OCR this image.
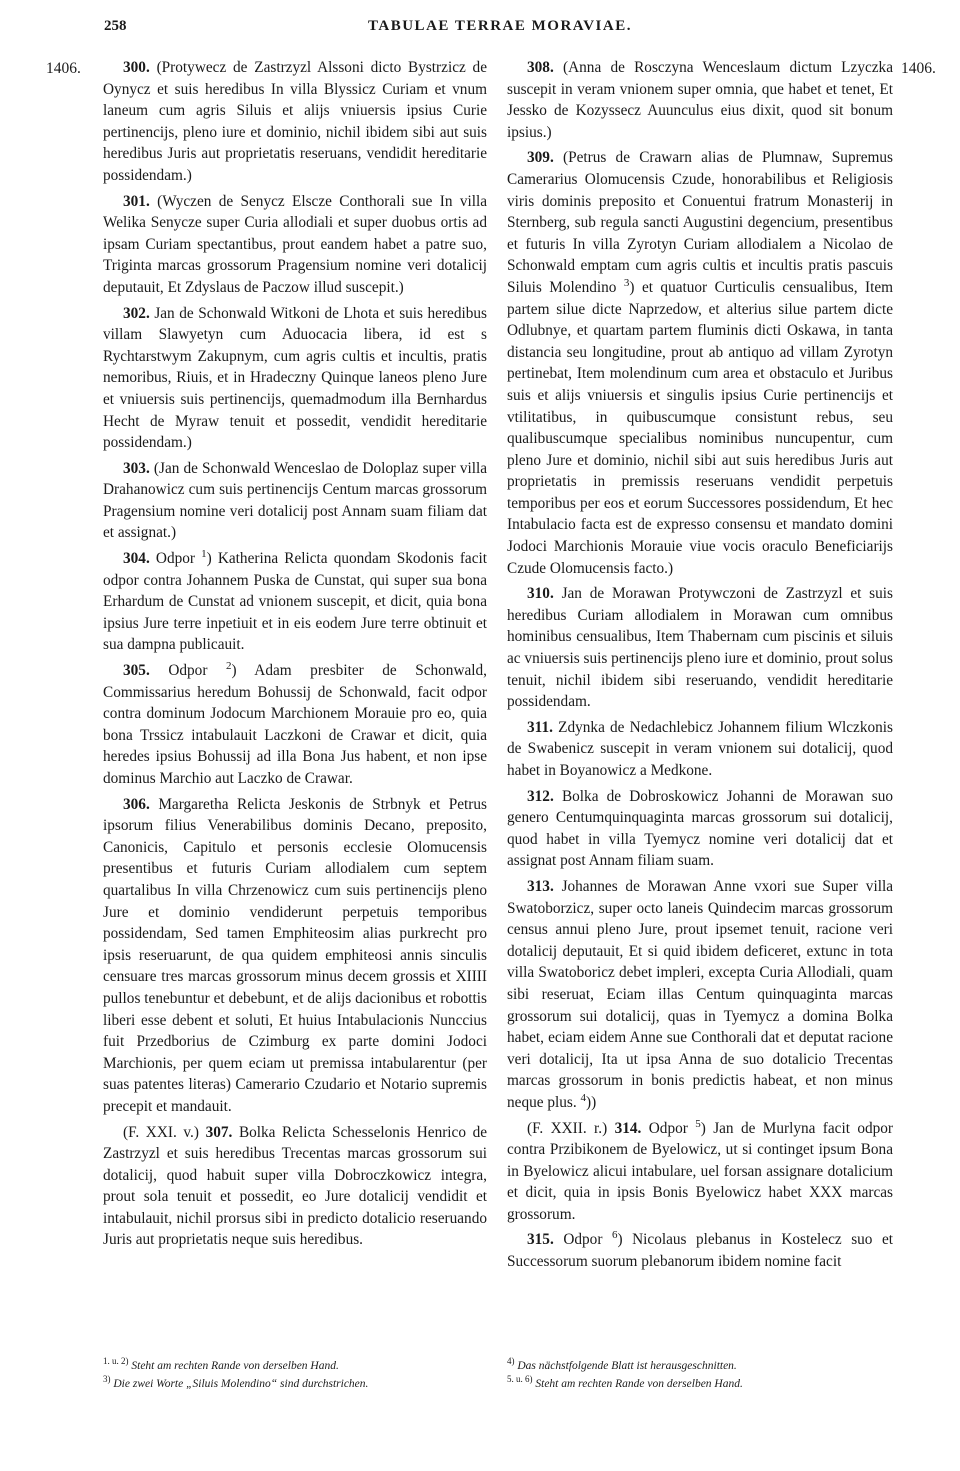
258	TABULAE TERRAE MORAVIAE.
1406.	1406.

300. (Protywecz de Zastrzyzl Alssoni dicto Bystrzicz de Oynycz et suis heredibus In villa Blyssicz Curiam et vnum laneum cum agris Siluis et alijs vniuersis ipsius Curie pertinencijs, pleno iure et dominio, nichil ibidem sibi aut suis heredibus Juris aut proprietatis reseruans, vendidit hereditarie possidendam.)

301. (Wyczen de Senycz Elscze Conthorali sue In villa Welika Senycze super Curia allodiali et super duobus ortis ad ipsam Curiam spectantibus, prout eandem habet a patre suo, Triginta marcas grossorum Pragensium nomine veri dotalicij deputauit, Et Zdyslaus de Paczow illud suscepit.)

302. Jan de Schonwald Witkoni de Lhota et suis heredibus villam Slawyetyn cum Aduocacia libera, id est s Rychtarstwym Zakupnym, cum agris cultis et incultis, pratis nemoribus, Riuis, et in Hradeczny Quinque laneos pleno Jure et vniuersis suis pertinencijs, quemadmodum illa Bernhardus Hecht de Myraw tenuit et possedit, vendidit hereditarie possidendam.)

303. (Jan de Schonwald Wenceslao de Doloplaz super villa Drahanowicz cum suis pertinencijs Centum marcas grossorum Pragensium nomine veri dotalicij post Annam suam filiam dat et assignat.)

304. Odpor $^1$) Katherina Relicta quondam Skodonis facit odpor contra Johannem Puska de Cunstat, qui super sua bona Erhardum de Cunstat ad vnionem suscepit, et dicit, quia bona ipsius Jure terre inpetiuit et in eis eodem Jure terre obtinuit et sua dampna publicauit.

305. Odpor $^2$) Adam presbiter de Schonwald, Commissarius heredum Bohussij de Schonwald, facit odpor contra dominum Jodocum Marchionem Morauie pro eo, quia bona Trssicz intabulauit Laczkoni de Crawar et dicit, quia heredes ipsius Bohussij ad illa Bona Jus habent, et non ipse dominus Marchio aut Laczko de Crawar.

306. Margaretha Relicta Jeskonis de Strbnyk et Petrus ipsorum filius Venerabilibus dominis Decano, preposito, Canonicis, Capitulo et personis ecclesie Olomucensis presentibus et futuris Curiam allodialem cum septem quartalibus In villa Chrzenowicz cum suis pertinencijs pleno Jure et dominio vendiderunt perpetuis temporibus possidendam, Sed tamen Emphiteosim alias purkrecht pro ipsis reseruarunt, de qua quidem emphiteosi annis sinculis censuare tres marcas grossorum minus decem grossis et XIIII pullos tenebuntur et debebunt, et de alijs dacionibus et robottis liberi esse debent et soluti, Et huius Intabulacionis Nunccius fuit Przedborius de Czimburg ex parte domini Jodoci Marchionis, per quem eciam ut premissa intabularentur (per suas patentes literas) Camerario Czudario et Notario supremis precepit et mandauit.

(F. XXI. v.) 307. Bolka Relicta Schesselonis Henrico de Zastrzyzl et suis heredibus Trecentas marcas grossorum sui dotalicij, quod habuit super villa Dobroczkowicz integra, prout sola tenuit et possedit, eo Jure dotalicij vendidit et intabulauit, nichil prorsus sibi in predicto dotalicio reseruando Juris aut proprietatis neque suis heredibus.

308. (Anna de Rosczyna Wenceslaum dictum Lzyczka suscepit in veram vnionem super omnia, que habet et tenet, Et Jessko de Kozyssecz Auunculus eius dixit, quod sit bonum ipsius.)

309. (Petrus de Crawarn alias de Plumnaw, Supremus Camerarius Olomucensis Czude, honorabilibus et Religiosis viris dominis preposito et Conuentui fratrum Monasterij in Sternberg, sub regula sancti Augustini degencium, presentibus et futuris In villa Zyrotyn Curiam allodialem a Nicolao de Schonwald emptam cum agris cultis et incultis pratis pascuis Siluis Molendino $^3$) et quatuor Curticulis censualibus, Item partem silue dicte Naprzedow, et alterius silue partem dicte Odlubnye, et quartam partem fluminis dicti Oskawa, in tanta distancia seu longitudine, prout ab antiquo ad villam Zyrotyn pertinebat, Item molendinum cum area et obstaculo et Juribus suis et alijs vniuersis et singulis ipsius Curie pertinencijs et vtilitatibus, in quibuscumque consistunt rebus, seu qualibuscumque specialibus nominibus nuncupentur, cum pleno Jure et dominio, nichil sibi aut suis heredibus Juris aut proprietatis in premissis reseruans vendidit perpetuis temporibus per eos et eorum Successores possidendum, Et hec Intabulacio facta est de expresso consensu et mandato domini Jodoci Marchionis Morauie viue vocis oraculo Beneficiarijs Czude Olomucensis facto.)

310. Jan de Morawan Protywczoni de Zastrzyzl et suis heredibus Curiam allodialem in Morawan cum omnibus hominibus censualibus, Item Thabernam cum piscinis et siluis ac vniuersis suis pertinencijs pleno iure et dominio, prout solus tenuit, nichil ibidem sibi reseruando, vendidit hereditarie possidendam.

311. Zdynka de Nedachlebicz Johannem filium Wlczkonis de Swabenicz suscepit in veram vnionem sui dotalicij, quod habet in Boyanowicz a Medkone.

312. Bolka de Dobroskowicz Johanni de Morawan suo genero Centumquinquaginta marcas grossorum sui dotalicij, quod habet in villa Tyemycz nomine veri dotalicij dat et assignat post Annam filiam suam.

313. Johannes de Morawan Anne vxori sue Super villa Swatoborzicz, super octo laneis Quindecim marcas grossorum census annui pleno Jure, prout ipsemet tenuit, racione veri dotalicij deputauit, Et si quid ibidem deficeret, extunc in tota villa Swatoboricz debet impleri, excepta Curia Allodiali, quam sibi reseruat, Eciam illas Centum quinquaginta marcas grossorum sui dotalicij, quas in Tyemycz a domina Bolka habet, eciam eidem Anne sue Conthorali dat et deputat racione veri dotalicij, Ita ut ipsa Anna de suo dotalicio Trecentas marcas grossorum in bonis predictis habeat, et non minus neque plus. $^4$))

(F. XXII. r.) 314. Odpor $^5$) Jan de Murlyna facit odpor contra Przibikonem de Byelowicz, ut si continget ipsum Bona in Byelowicz alicui intabulare, uel forsan assignare dotalicium et dicit, quia in ipsis Bonis Byelowicz habet XXX marcas grossorum.

315. Odpor $^6$) Nicolaus plebanus in Kostelecz suo et Successorum suorum plebanorum ibidem nomine facit

$^{1. u. 2)}$ Steht am rechten Rande von derselben Hand.

$^{3)}$ Die zwei Worte „Siluis Molendino“ sind durchstrichen.

$^{4)}$ Das nächstfolgende Blatt ist herausgeschnitten.

$^{5. u. 6)}$ Steht am rechten Rande von derselben Hand.
